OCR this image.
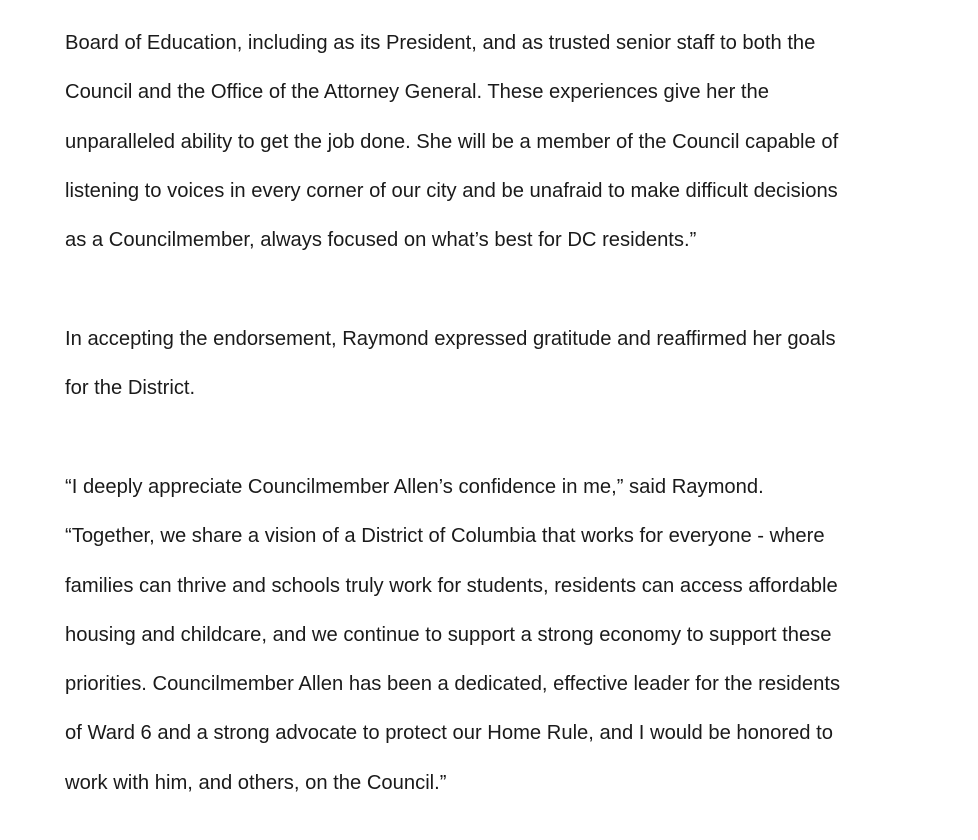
Board of Education, including as its President, and as trusted senior staff to both the
Council and the Office of the Attorney General. These experiences give her the
unparalleled ability to get the job done. She will be a member of the Council capable of
listening to voices in every corner of our city and be unafraid to make difficult decisions
as a Councilmember, always focused on what’s best for DC residents.”

In accepting the endorsement, Raymond expressed gratitude and reaffirmed her goals
for the District.

“I deeply appreciate Councilmember Allen’s confidence in me,” said Raymond.
“Together, we share a vision of a District of Columbia that works for everyone - where
families can thrive and schools truly work for students, residents can access affordable
housing and childcare, and we continue to support a strong economy to support these
priorities. Councilmember Allen has been a dedicated, effective leader for the residents
of Ward 6 and a strong advocate to protect our Home Rule, and I would be honored to
work with him, and others, on the Council.”
